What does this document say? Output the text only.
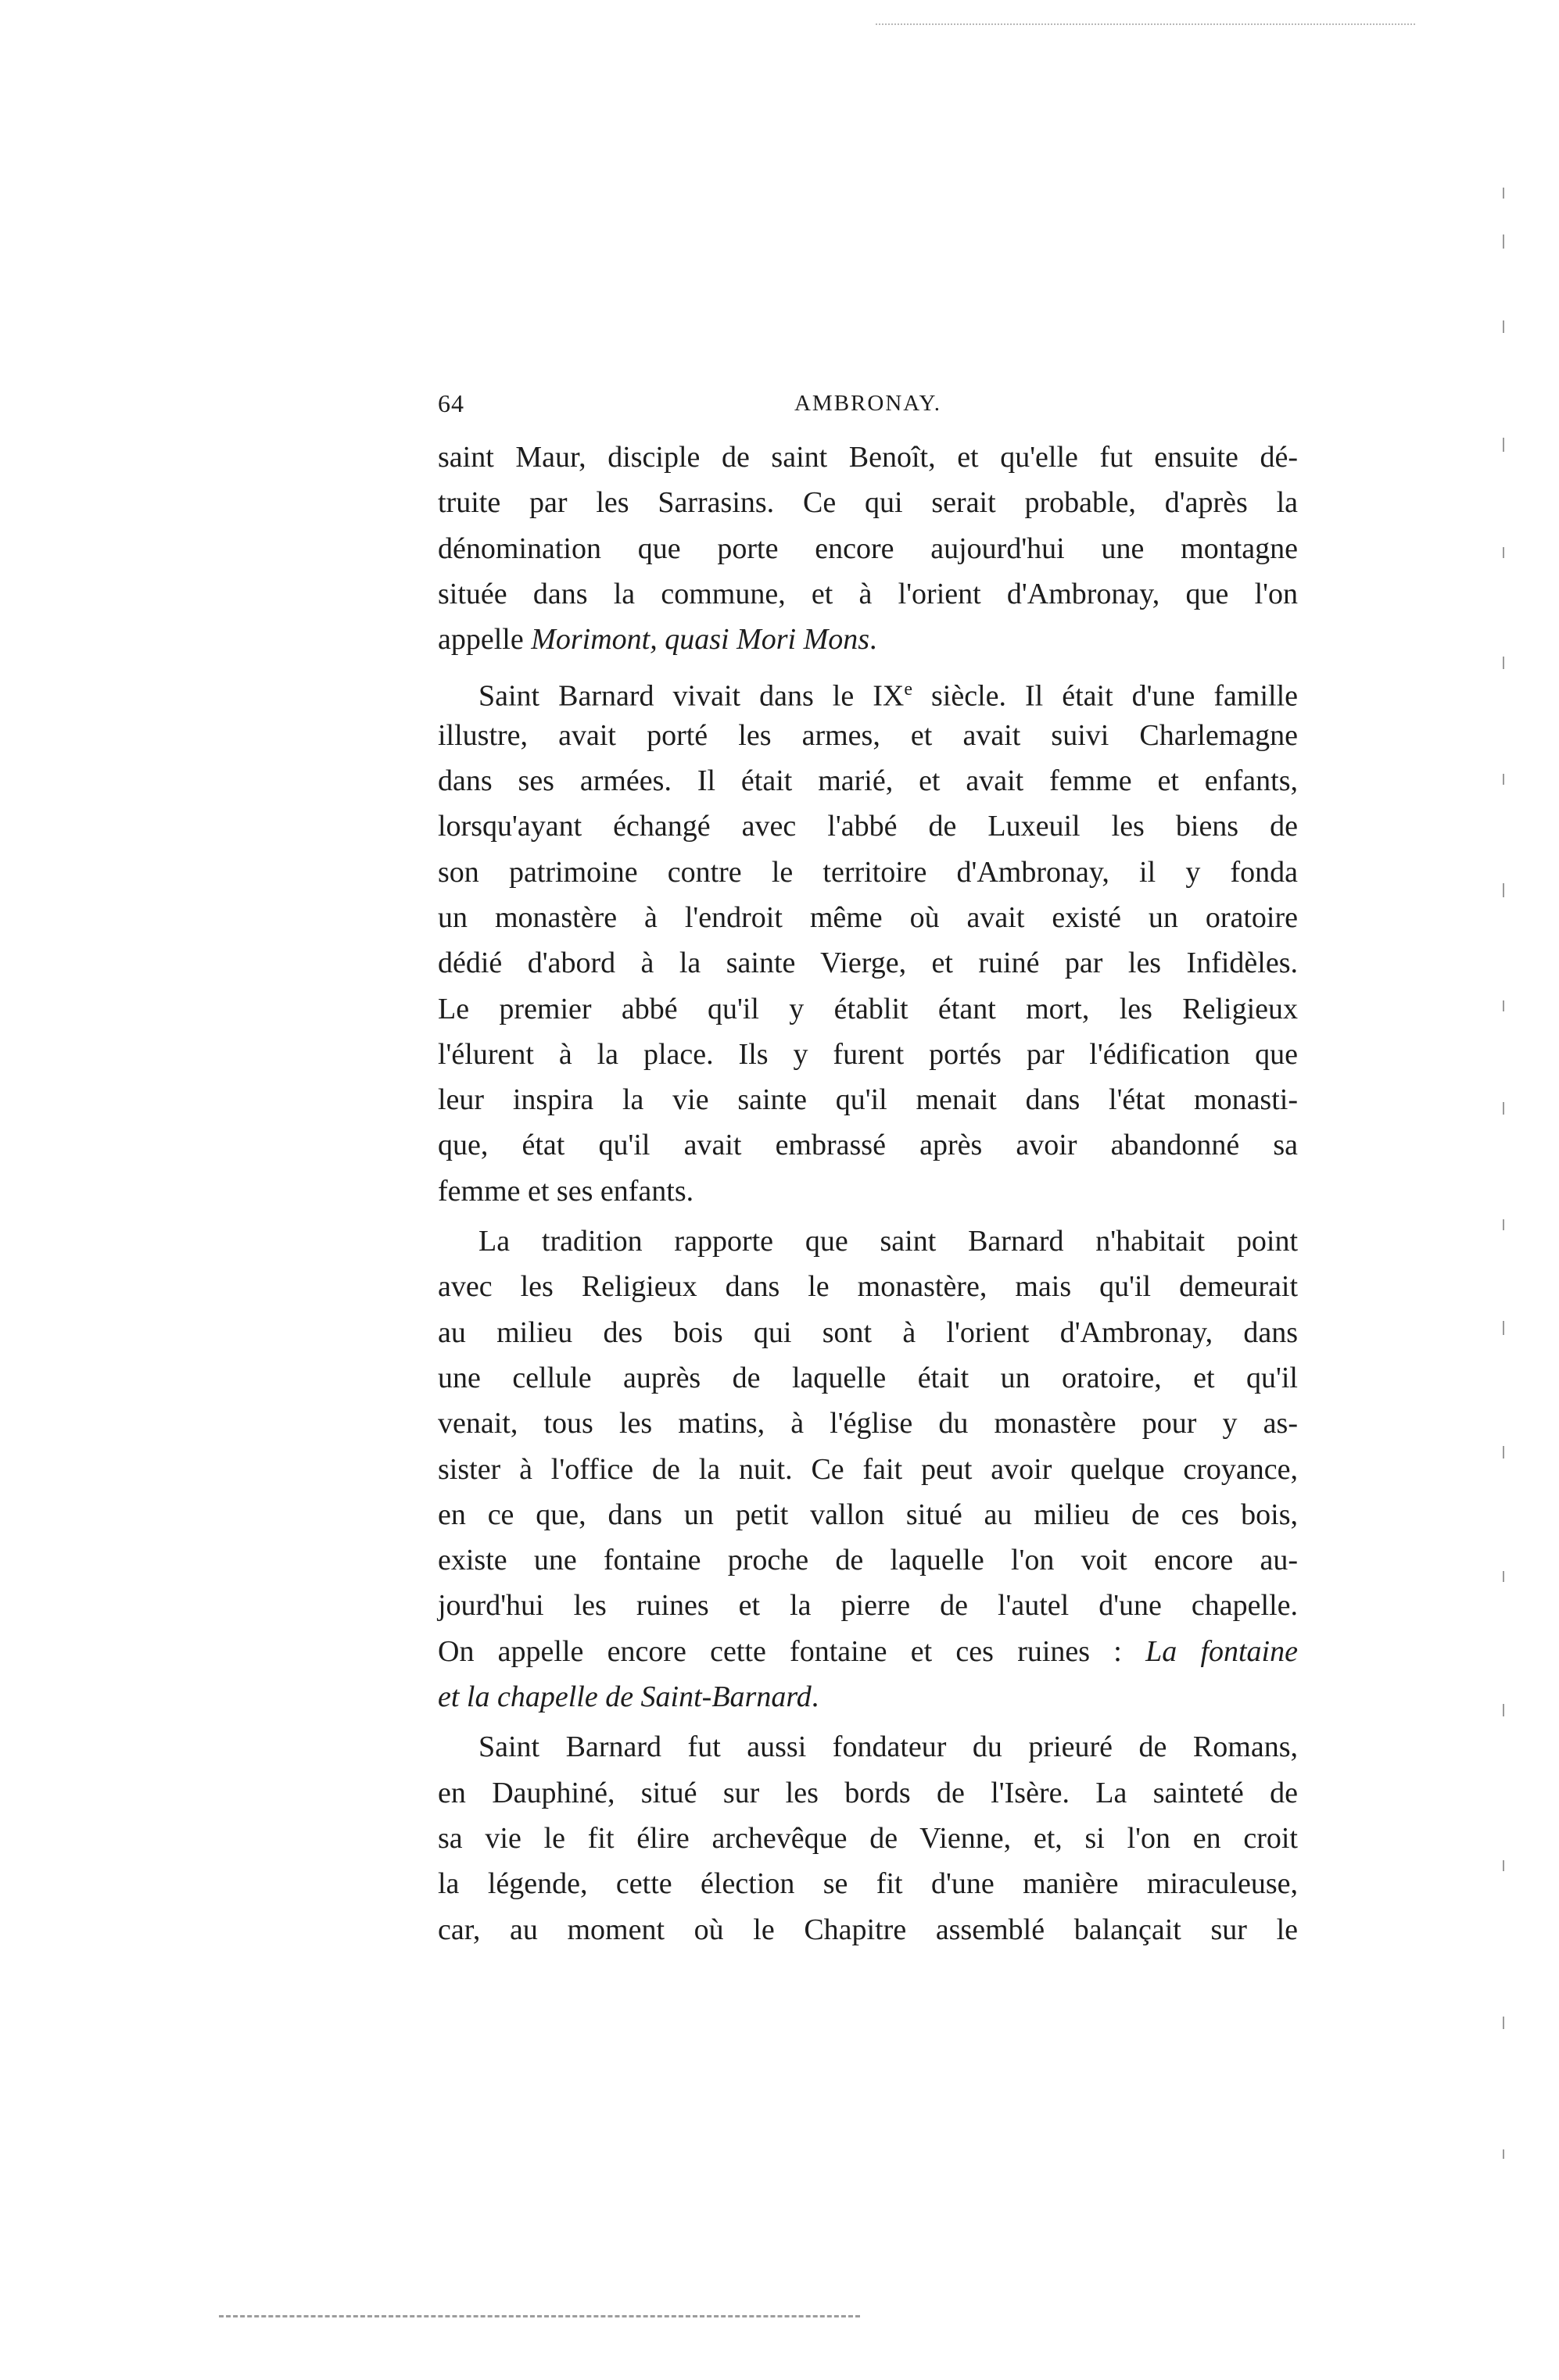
64	AMBRONAY.
saint Maur, disciple de saint Benoît, et qu'elle fut ensuite dé-
truite par les Sarrasins. Ce qui serait probable, d'après la
dénomination que porte encore aujourd'hui une montagne
située dans la commune, et à l'orient d'Ambronay, que l'on
appelle Morimont, quasi Mori Mons.
Saint Barnard vivait dans le IXe siècle. Il était d'une famille
illustre, avait porté les armes, et avait suivi Charlemagne
dans ses armées. Il était marié, et avait femme et enfants,
lorsqu'ayant échangé avec l'abbé de Luxeuil les biens de
son patrimoine contre le territoire d'Ambronay, il y fonda
un monastère à l'endroit même où avait existé un oratoire
dédié d'abord à la sainte Vierge, et ruiné par les Infidèles.
Le premier abbé qu'il y établit étant mort, les Religieux
l'élurent à la place. Ils y furent portés par l'édification que
leur inspira la vie sainte qu'il menait dans l'état monasti-
que, état qu'il avait embrassé après avoir abandonné sa
femme et ses enfants.
La tradition rapporte que saint Barnard n'habitait point
avec les Religieux dans le monastère, mais qu'il demeurait
au milieu des bois qui sont à l'orient d'Ambronay, dans
une cellule auprès de laquelle était un oratoire, et qu'il
venait, tous les matins, à l'église du monastère pour y as-
sister à l'office de la nuit. Ce fait peut avoir quelque croyance,
en ce que, dans un petit vallon situé au milieu de ces bois,
existe une fontaine proche de laquelle l'on voit encore au-
jourd'hui les ruines et la pierre de l'autel d'une chapelle.
On appelle encore cette fontaine et ces ruines : La fontaine
et la chapelle de Saint-Barnard.
Saint Barnard fut aussi fondateur du prieuré de Romans,
en Dauphiné, situé sur les bords de l'Isère. La sainteté de
sa vie le fit élire archevêque de Vienne, et, si l'on en croit
la légende, cette élection se fit d'une manière miraculeuse,
car, au moment où le Chapitre assemblé balançait sur le
